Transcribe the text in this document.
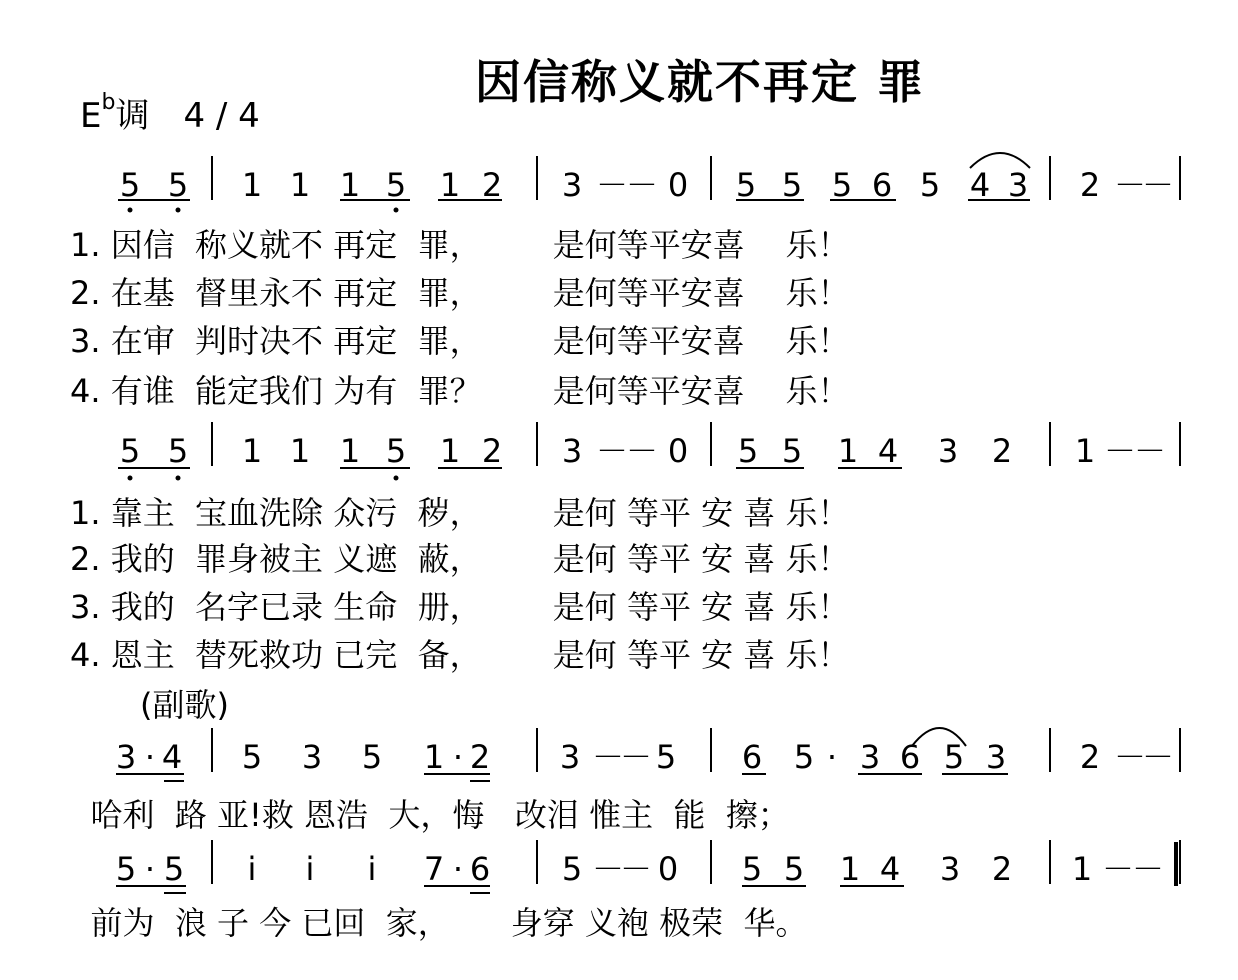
因信称义就不再定 罪
$E^b$调 4 / 4
5 5 1 1 1 5 1 2 3 －
－ 0 5 5 5 6 5 4 3 2 －
－
5 5 1 1 1 5 1 2 3 －
－ 0 5 5 1 4 3 2 1 －
－
3 · 4 5 3 5 1 · 2 3 －
－ 5 6 5 · 3 6 5 3 2 －
－
5 · 5 i i i 7 · 6 5 －
－ 0 5 5 1 4 3 2 1 －
－
1. 因信  称义就不 再定  罪，       是何等平安喜    乐！
2. 在基  督里永不 再定  罪，       是何等平安喜    乐！
3. 在审  判时决不 再定  罪，       是何等平安喜    乐！
4. 有谁  能定我们 为有  罪？       是何等平安喜    乐！
1. 靠主  宝血洗除 众污  秽，       是何 等平 安 喜 乐！
2. 我的  罪身被主 义遮  蔽，       是何 等平 安 喜 乐！
3. 我的  名字已录 生命  册，       是何 等平 安 喜 乐！
4. 恩主  替死救功 已完  备，       是何 等平 安 喜 乐！
(副歌)
哈利  路 亚!救 恩浩  大，悔   改泪 惟主  能  擦；
前为  浪 子 今 已回  家，      身穿 义袍 极荣  华。
